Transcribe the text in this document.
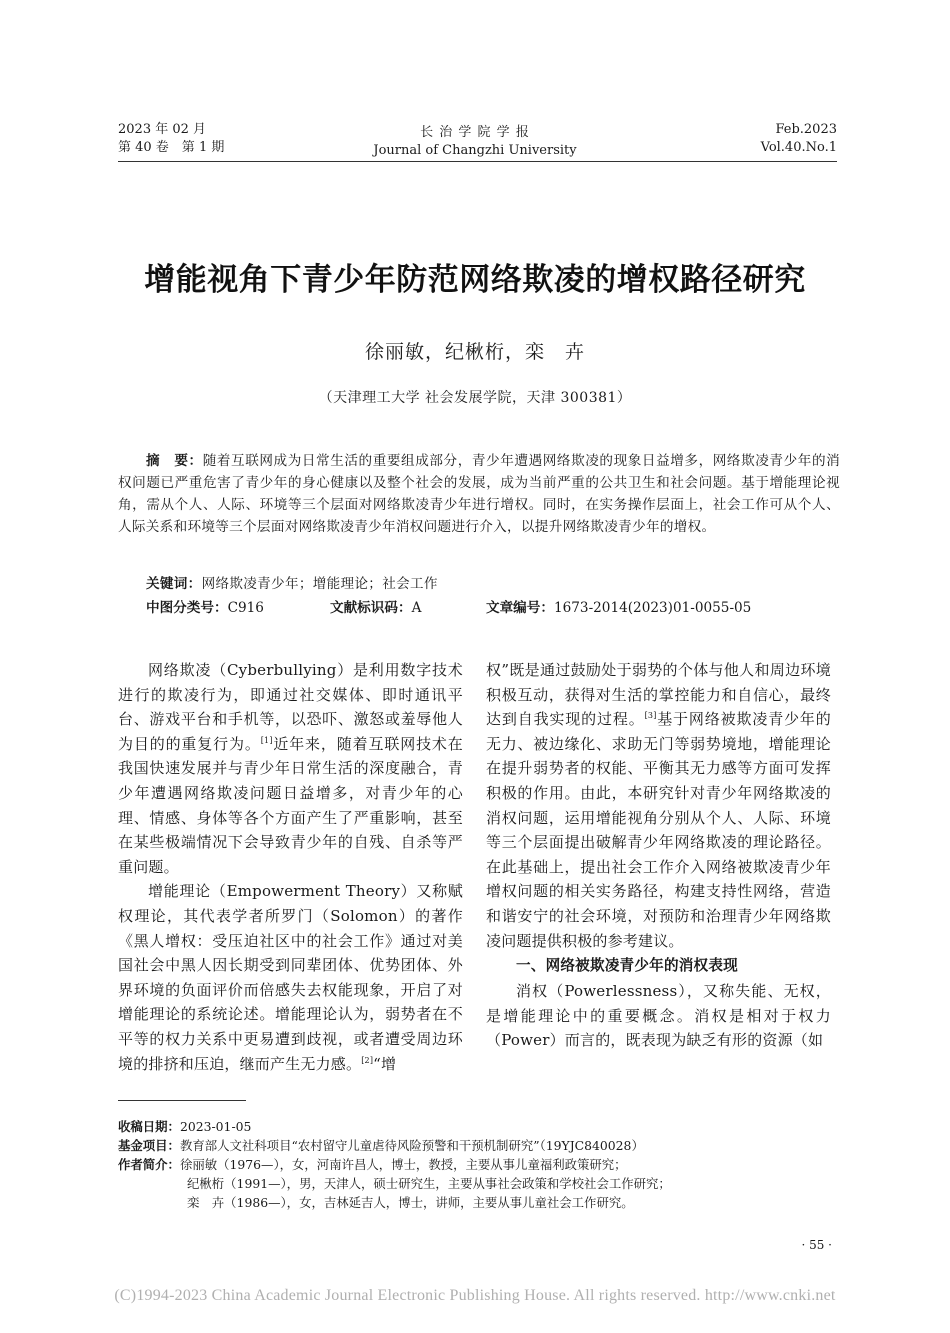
2023 年 02 月
第 40 卷　第 1 期
长 治 学 院 学 报
Journal of Changzhi University
Feb.2023
Vol.40.No.1
增能视角下青少年防范网络欺凌的增权路径研究
徐丽敏，纪楸桁，栾　卉
（天津理工大学 社会发展学院，天津 300381）
摘　要：随着互联网成为日常生活的重要组成部分，青少年遭遇网络欺凌的现象日益增多，网络欺凌青少年的消权问题已严重危害了青少年的身心健康以及整个社会的发展，成为当前严重的公共卫生和社会问题。基于增能理论视角，需从个人、人际、环境等三个层面对网络欺凌青少年进行增权。同时，在实务操作层面上，社会工作可从个人、人际关系和环境等三个层面对网络欺凌青少年消权问题进行介入，以提升网络欺凌青少年的增权。
关键词：网络欺凌青少年；增能理论；社会工作
中图分类号：C916	文献标识码：A	文章编号：1673-2014(2023)01-0055-05

网络欺凌（Cyberbullying）是利用数字技术进行的欺凌行为，即通过社交媒体、即时通讯平台、游戏平台和手机等，以恐吓、激怒或羞辱他人为目的的重复行为。[1]近年来，随着互联网技术在我国快速发展并与青少年日常生活的深度融合，青少年遭遇网络欺凌问题日益增多，对青少年的心理、情感、身体等各个方面产生了严重影响，甚至在某些极端情况下会导致青少年的自残、自杀等严重问题。

增能理论（Empowerment Theory）又称赋权理论，其代表学者所罗门（Solomon）的著作《黑人增权：受压迫社区中的社会工作》通过对美国社会中黑人因长期受到同辈团体、优势团体、外界环境的负面评价而倍感失去权能现象，开启了对增能理论的系统论述。增能理论认为，弱势者在不平等的权力关系中更易遭到歧视，或者遭受周边环境的排挤和压迫，继而产生无力感。[2]“增

权”既是通过鼓励处于弱势的个体与他人和周边环境积极互动，获得对生活的掌控能力和自信心，最终达到自我实现的过程。[3]基于网络被欺凌青少年的无力、被边缘化、求助无门等弱势境地，增能理论在提升弱势者的权能、平衡其无力感等方面可发挥积极的作用。由此，本研究针对青少年网络欺凌的消权问题，运用增能视角分别从个人、人际、环境等三个层面提出破解青少年网络欺凌的理论路径。在此基础上，提出社会工作介入网络被欺凌青少年增权问题的相关实务路径，构建支持性网络，营造和谐安宁的社会环境，对预防和治理青少年网络欺凌问题提供积极的参考建议。

一、网络被欺凌青少年的消权表现

消权（Powerlessness），又称失能、无权，是增能理论中的重要概念。消权是相对于权力（Power）而言的，既表现为缺乏有形的资源（如

收稿日期：2023-01-05
基金项目：教育部人文社科项目“农村留守儿童虐待风险预警和干预机制研究”（19YJC840028）
作者简介：徐丽敏（1976—），女，河南许昌人，博士，教授，主要从事儿童福利政策研究；
纪楸桁（1991—），男，天津人，硕士研究生，主要从事社会政策和学校社会工作研究；
栾　卉（1986—），女，吉林延吉人，博士，讲师，主要从事儿童社会工作研究。
· 55 ·
(C)1994-2023 China Academic Journal Electronic Publishing House. All rights reserved. http://www.cnki.net
